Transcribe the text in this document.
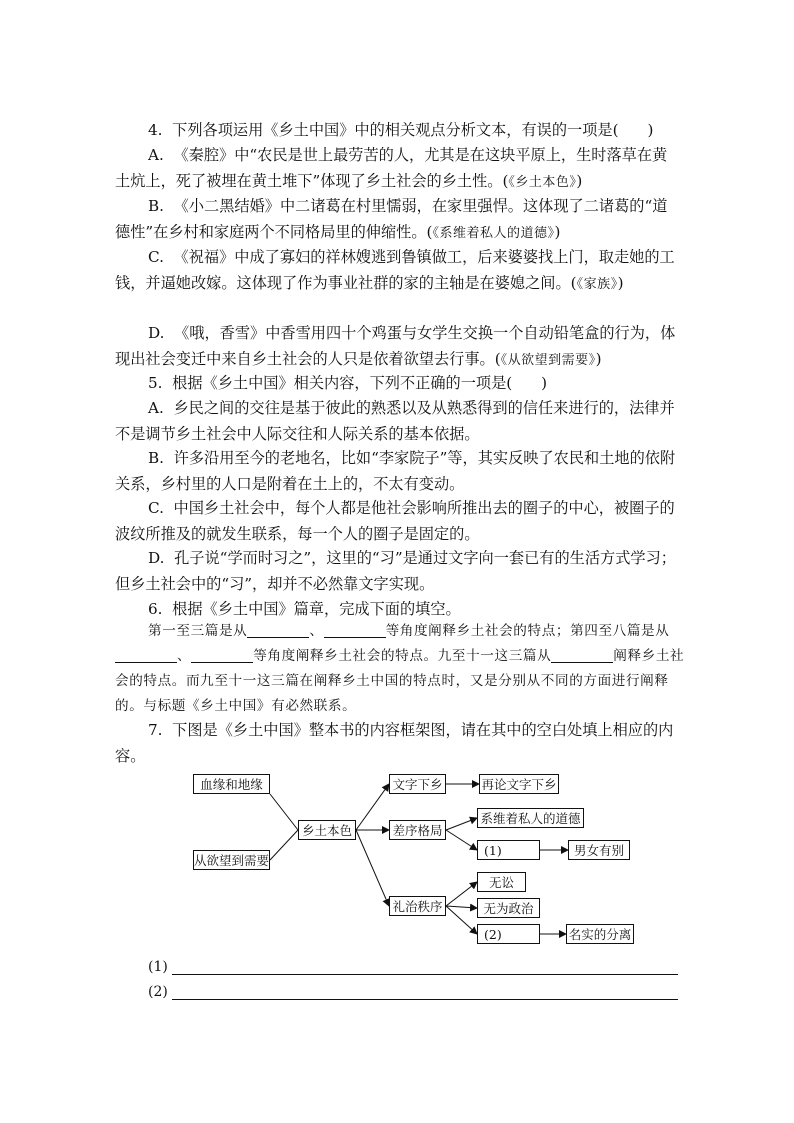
4.  下列各项运用《乡土中国》中的相关观点分析文本，有误的一项是(      )

A.  《秦腔》中“农民是世上最劳苦的人，尤其是在这块平原上，生时落草在黄土炕上，死了被埋在黄土堆下”体现了乡土社会的乡土性。(《乡土本色》)

B.  《小二黑结婚》中二诸葛在村里懦弱，在家里强悍。这体现了二诸葛的“道德性”在乡村和家庭两个不同格局里的伸缩性。(《系维着私人的道德》)

C.  《祝福》中成了寡妇的祥林嫂逃到鲁镇做工，后来婆婆找上门，取走她的工钱，并逼她改嫁。这体现了作为事业社群的家的主轴是在婆媳之间。(《家族》)

D.  《哦，香雪》中香雪用四十个鸡蛋与女学生交换一个自动铅笔盒的行为，体现出社会变迁中来自乡土社会的人只是依着欲望去行事。(《从欲望到需要》)

5.  根据《乡土中国》相关内容，下列不正确的一项是(      )

A.  乡民之间的交往是基于彼此的熟悉以及从熟悉得到的信任来进行的，法律并不是调节乡土社会中人际交往和人际关系的基本依据。

B.  许多沿用至今的老地名，比如“李家院子”等，其实反映了农民和土地的依附关系，乡村里的人口是附着在土上的，不太有变动。

C.  中国乡土社会中，每个人都是他社会影响所推出去的圈子的中心，被圈子的波纹所推及的就发生联系，每一个人的圈子是固定的。

D.  孔子说“学而时习之”，这里的“习”是通过文字向一套已有的生活方式学习；但乡土社会中的“习”，却并不必然靠文字实现。

6.  根据《乡土中国》篇章，完成下面的填空。

第一至三篇是从	、	等角度阐释乡土社会的特点；第四至八篇是从、	等角度阐释乡土社会的特点。九至十一这三篇从	阐释乡土社会的特点。而九至十一这三篇在阐释乡土中国的特点时，又是分别从不同的方面进行阐释的。与标题《乡土中国》有必然联系。

7.  下图是《乡土中国》整本书的内容框架图，请在其中的空白处填上相应的内容。

血缘和地缘
从欲望到需要
乡土本色
文字下乡	再论文字下乡
差序格局
系维着私人的道德
(1)	男女有别
礼治秩序
无讼
无为政治
(2)	名实的分离
(1)
(2)
